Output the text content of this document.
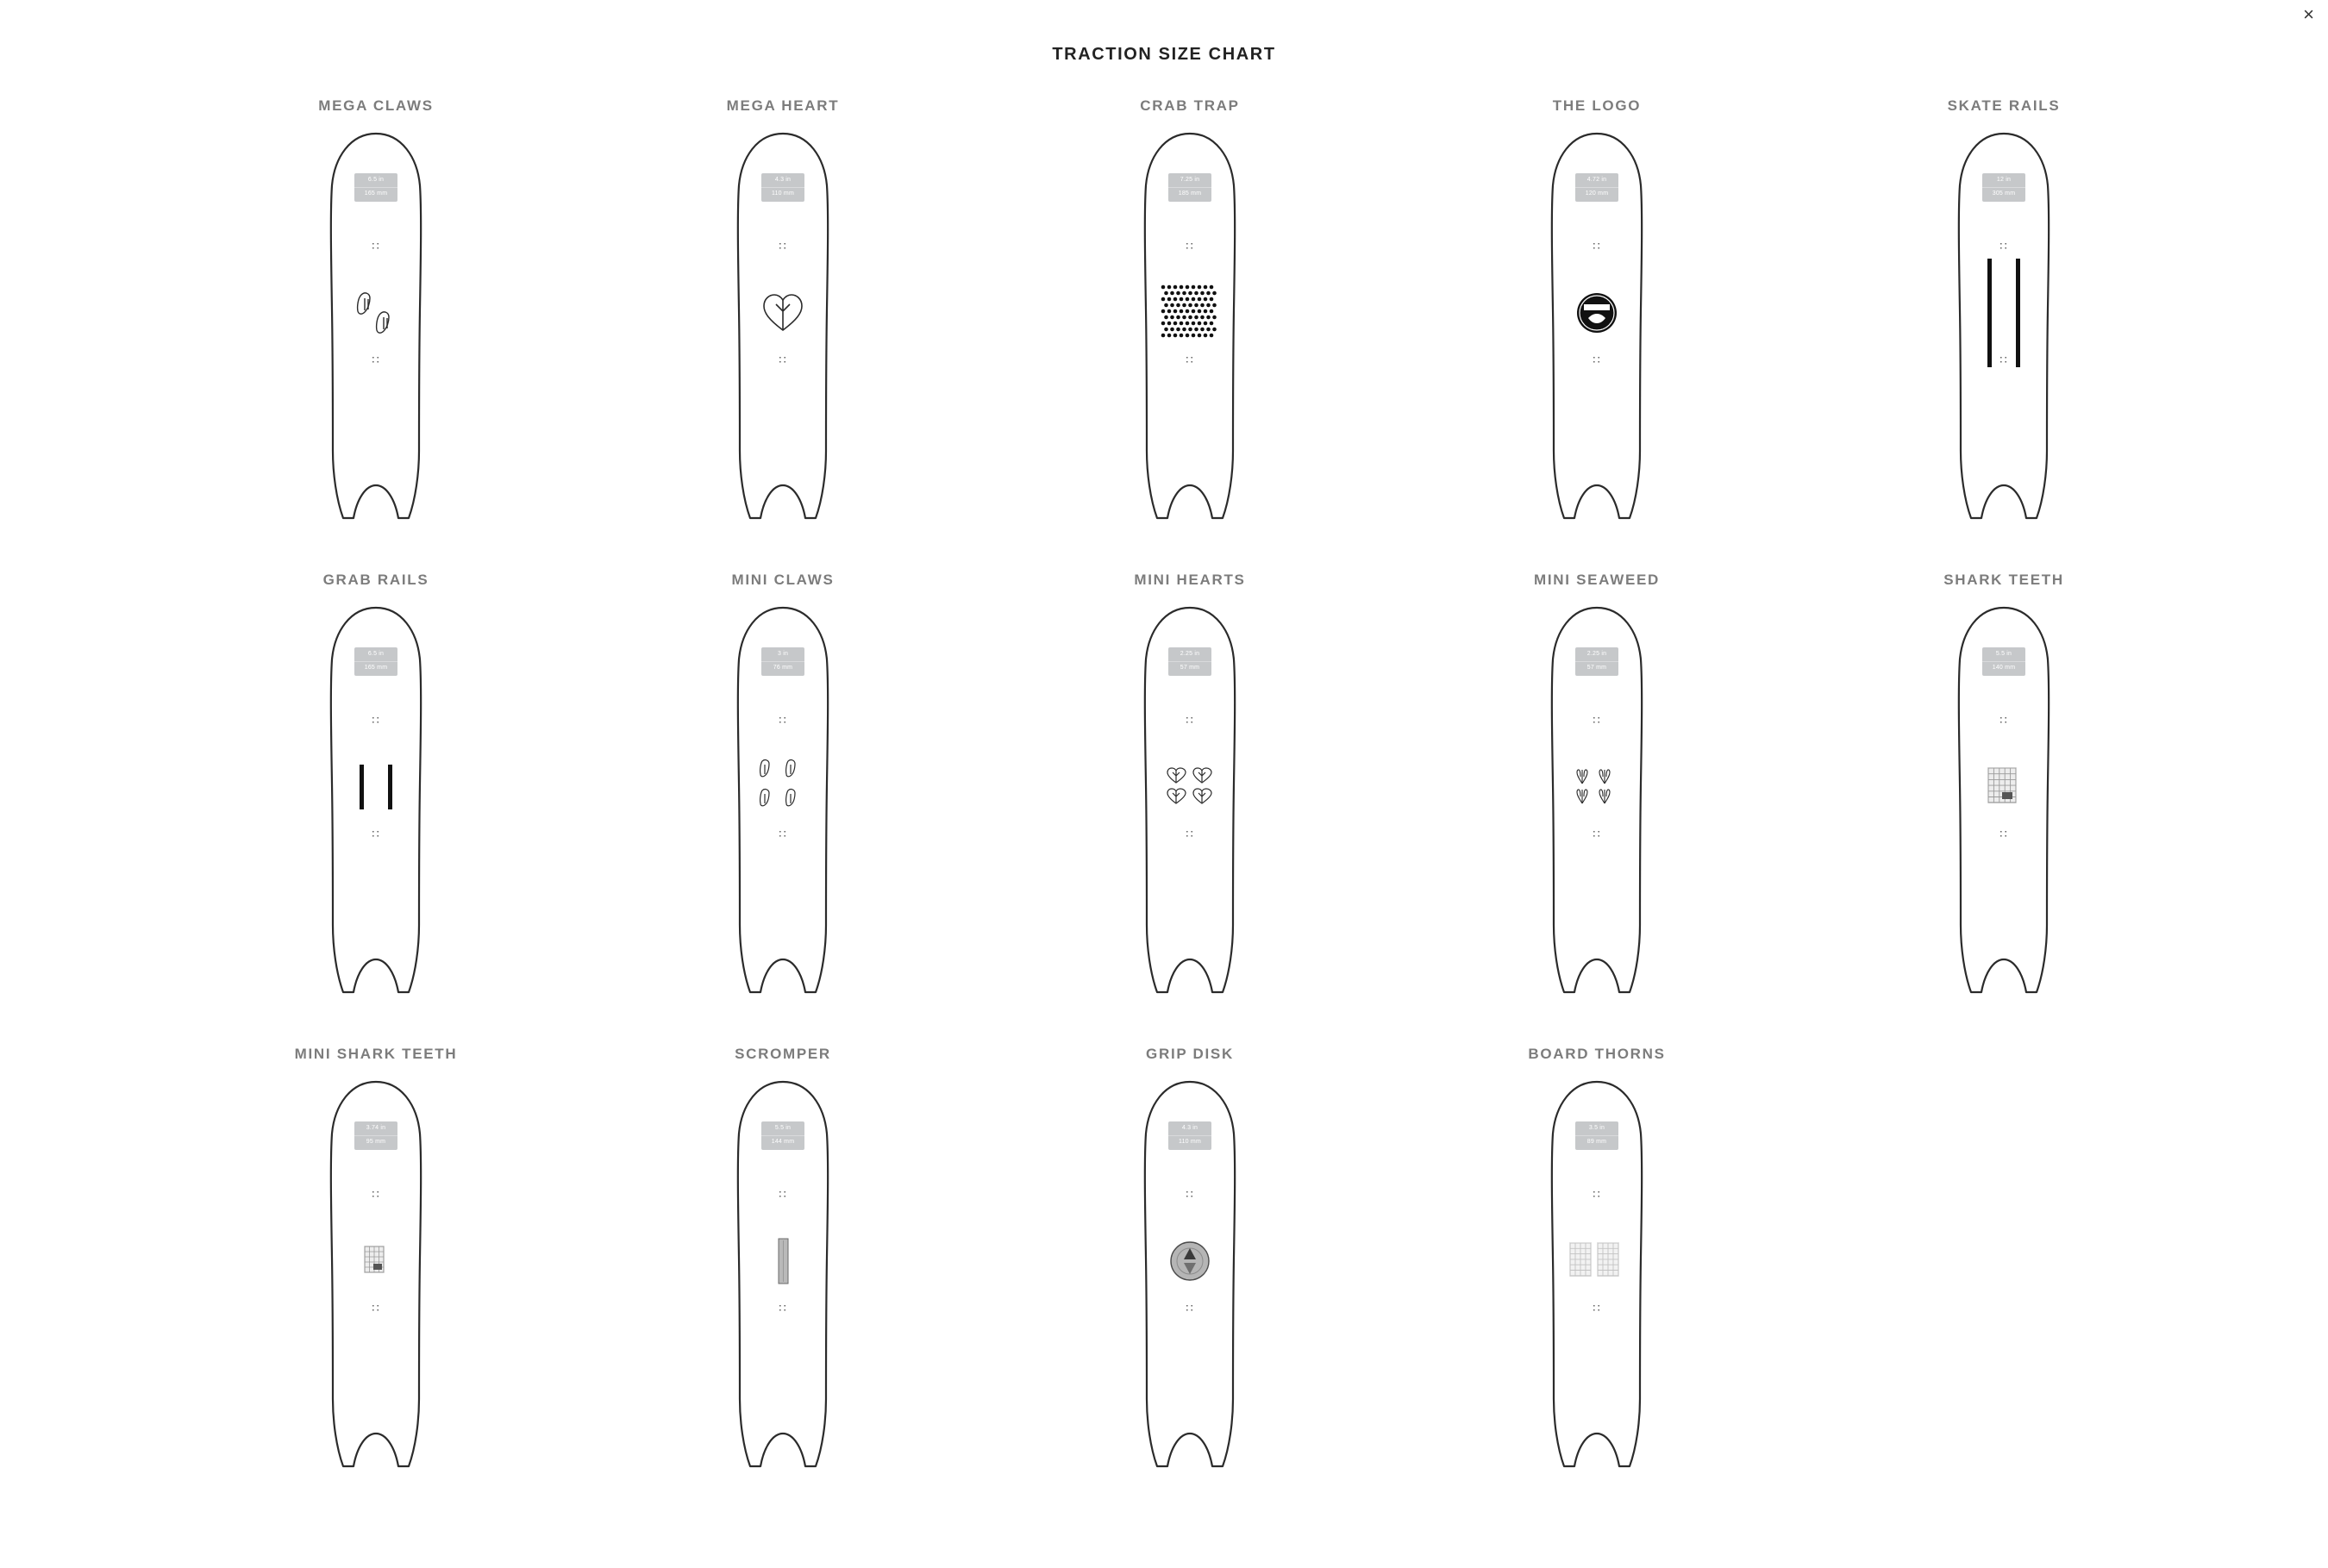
×
TRACTION SIZE CHART
MEGA CLAWS
6.5 in
165 mm
∷
∷
MEGA HEART
4.3 in
110 mm
∷
∷
CRAB TRAP
7.25 in
185 mm
∷
∷
THE LOGO
4.72 in
120 mm
∷
∷
SKATE RAILS
12 in
305 mm
∷
∷
GRAB RAILS
6.5 in
165 mm
∷
∷
MINI CLAWS
3 in
76 mm
∷
∷
MINI HEARTS
2.25 in
57 mm
∷
∷
MINI SEAWEED
2.25 in
57 mm
∷
∷
SHARK TEETH
5.5 in
140 mm
∷
∷
MINI SHARK TEETH
3.74 in
95 mm
∷
∷
SCROMPER
5.5 in
144 mm
∷
∷
GRIP DISK
4.3 in
110 mm
∷
∷
BOARD THORNS
3.5 in
89 mm
∷
∷
